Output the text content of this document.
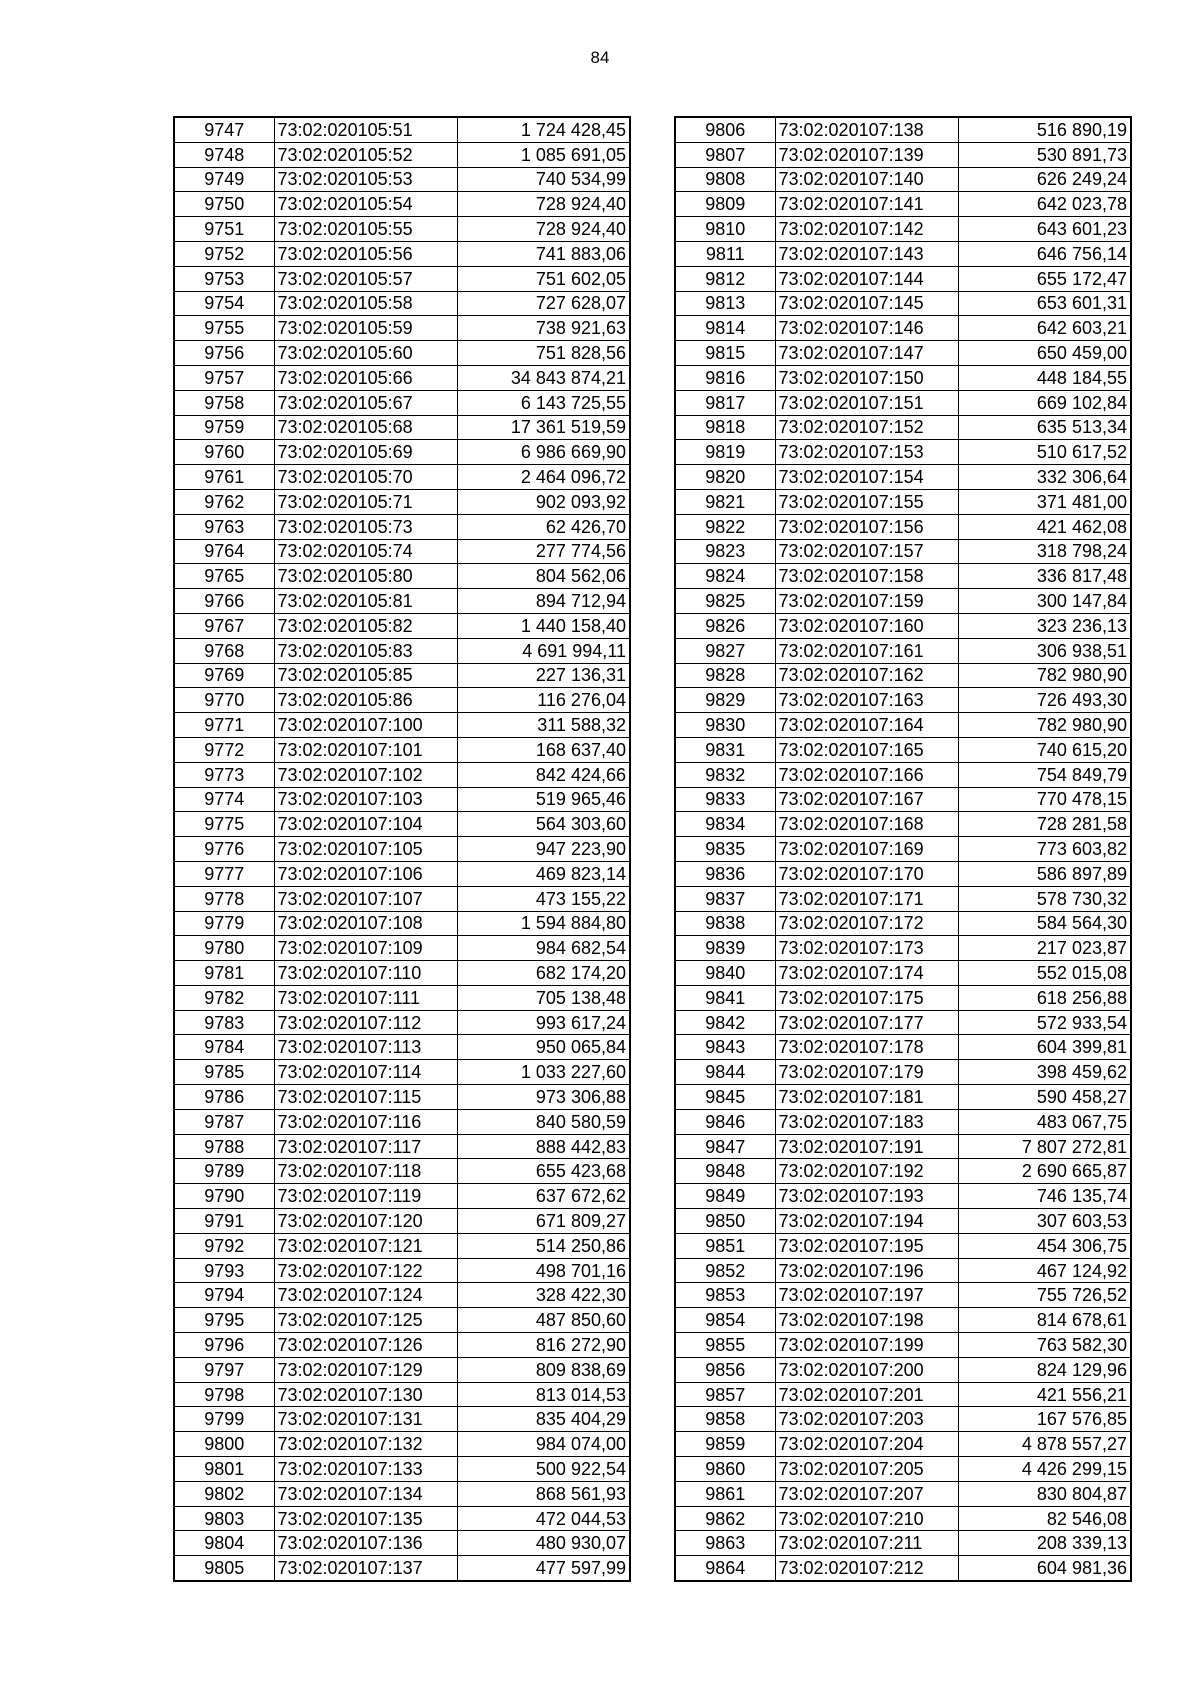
84
9747	73:02:020105:51	1 724 428,45
9748	73:02:020105:52	1 085 691,05
9749	73:02:020105:53	740 534,99
9750	73:02:020105:54	728 924,40
9751	73:02:020105:55	728 924,40
9752	73:02:020105:56	741 883,06
9753	73:02:020105:57	751 602,05
9754	73:02:020105:58	727 628,07
9755	73:02:020105:59	738 921,63
9756	73:02:020105:60	751 828,56
9757	73:02:020105:66	34 843 874,21
9758	73:02:020105:67	6 143 725,55
9759	73:02:020105:68	17 361 519,59
9760	73:02:020105:69	6 986 669,90
9761	73:02:020105:70	2 464 096,72
9762	73:02:020105:71	902 093,92
9763	73:02:020105:73	62 426,70
9764	73:02:020105:74	277 774,56
9765	73:02:020105:80	804 562,06
9766	73:02:020105:81	894 712,94
9767	73:02:020105:82	1 440 158,40
9768	73:02:020105:83	4 691 994,11
9769	73:02:020105:85	227 136,31
9770	73:02:020105:86	116 276,04
9771	73:02:020107:100	311 588,32
9772	73:02:020107:101	168 637,40
9773	73:02:020107:102	842 424,66
9774	73:02:020107:103	519 965,46
9775	73:02:020107:104	564 303,60
9776	73:02:020107:105	947 223,90
9777	73:02:020107:106	469 823,14
9778	73:02:020107:107	473 155,22
9779	73:02:020107:108	1 594 884,80
9780	73:02:020107:109	984 682,54
9781	73:02:020107:110	682 174,20
9782	73:02:020107:111	705 138,48
9783	73:02:020107:112	993 617,24
9784	73:02:020107:113	950 065,84
9785	73:02:020107:114	1 033 227,60
9786	73:02:020107:115	973 306,88
9787	73:02:020107:116	840 580,59
9788	73:02:020107:117	888 442,83
9789	73:02:020107:118	655 423,68
9790	73:02:020107:119	637 672,62
9791	73:02:020107:120	671 809,27
9792	73:02:020107:121	514 250,86
9793	73:02:020107:122	498 701,16
9794	73:02:020107:124	328 422,30
9795	73:02:020107:125	487 850,60
9796	73:02:020107:126	816 272,90
9797	73:02:020107:129	809 838,69
9798	73:02:020107:130	813 014,53
9799	73:02:020107:131	835 404,29
9800	73:02:020107:132	984 074,00
9801	73:02:020107:133	500 922,54
9802	73:02:020107:134	868 561,93
9803	73:02:020107:135	472 044,53
9804	73:02:020107:136	480 930,07
9805	73:02:020107:137	477 597,99
9806	73:02:020107:138	516 890,19
9807	73:02:020107:139	530 891,73
9808	73:02:020107:140	626 249,24
9809	73:02:020107:141	642 023,78
9810	73:02:020107:142	643 601,23
9811	73:02:020107:143	646 756,14
9812	73:02:020107:144	655 172,47
9813	73:02:020107:145	653 601,31
9814	73:02:020107:146	642 603,21
9815	73:02:020107:147	650 459,00
9816	73:02:020107:150	448 184,55
9817	73:02:020107:151	669 102,84
9818	73:02:020107:152	635 513,34
9819	73:02:020107:153	510 617,52
9820	73:02:020107:154	332 306,64
9821	73:02:020107:155	371 481,00
9822	73:02:020107:156	421 462,08
9823	73:02:020107:157	318 798,24
9824	73:02:020107:158	336 817,48
9825	73:02:020107:159	300 147,84
9826	73:02:020107:160	323 236,13
9827	73:02:020107:161	306 938,51
9828	73:02:020107:162	782 980,90
9829	73:02:020107:163	726 493,30
9830	73:02:020107:164	782 980,90
9831	73:02:020107:165	740 615,20
9832	73:02:020107:166	754 849,79
9833	73:02:020107:167	770 478,15
9834	73:02:020107:168	728 281,58
9835	73:02:020107:169	773 603,82
9836	73:02:020107:170	586 897,89
9837	73:02:020107:171	578 730,32
9838	73:02:020107:172	584 564,30
9839	73:02:020107:173	217 023,87
9840	73:02:020107:174	552 015,08
9841	73:02:020107:175	618 256,88
9842	73:02:020107:177	572 933,54
9843	73:02:020107:178	604 399,81
9844	73:02:020107:179	398 459,62
9845	73:02:020107:181	590 458,27
9846	73:02:020107:183	483 067,75
9847	73:02:020107:191	7 807 272,81
9848	73:02:020107:192	2 690 665,87
9849	73:02:020107:193	746 135,74
9850	73:02:020107:194	307 603,53
9851	73:02:020107:195	454 306,75
9852	73:02:020107:196	467 124,92
9853	73:02:020107:197	755 726,52
9854	73:02:020107:198	814 678,61
9855	73:02:020107:199	763 582,30
9856	73:02:020107:200	824 129,96
9857	73:02:020107:201	421 556,21
9858	73:02:020107:203	167 576,85
9859	73:02:020107:204	4 878 557,27
9860	73:02:020107:205	4 426 299,15
9861	73:02:020107:207	830 804,87
9862	73:02:020107:210	82 546,08
9863	73:02:020107:211	208 339,13
9864	73:02:020107:212	604 981,36
